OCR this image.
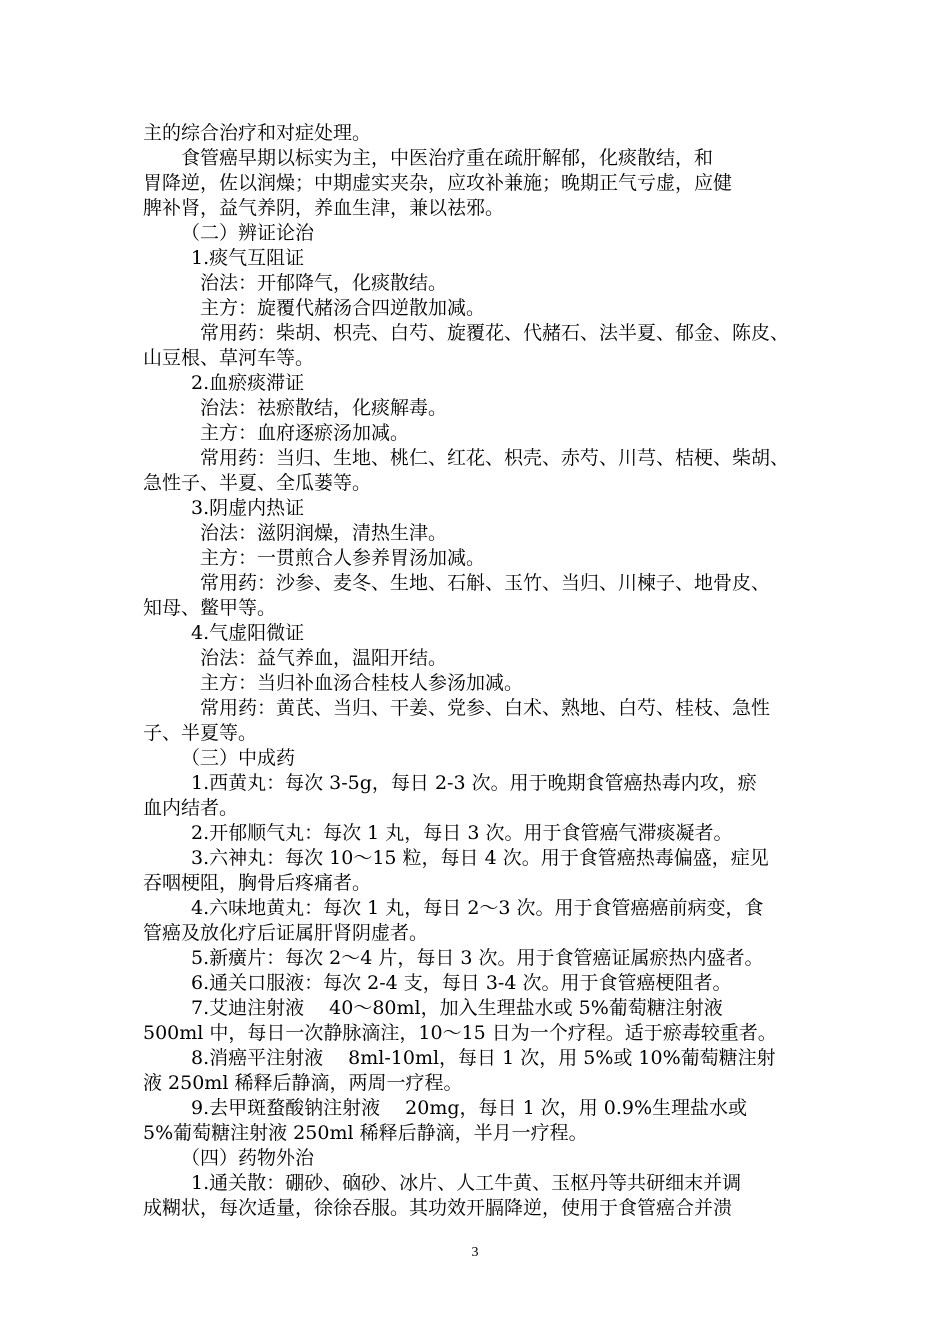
主的综合治疗和对症处理。
食管癌早期以标实为主，中医治疗重在疏肝解郁，化痰散结，和
胃降逆，佐以润燥；中期虚实夹杂，应攻补兼施；晚期正气亏虚，应健
脾补肾，益气养阴，养血生津，兼以祛邪。
（二）辨证论治
1.痰气互阻证
治法：开郁降气，化痰散结。
主方：旋覆代赭汤合四逆散加减。
常用药：柴胡、枳壳、白芍、旋覆花、代赭石、法半夏、郁金、陈皮、
山豆根、草河车等。
2.血瘀痰滞证
治法：祛瘀散结，化痰解毒。
主方：血府逐瘀汤加减。
常用药：当归、生地、桃仁、红花、枳壳、赤芍、川芎、桔梗、柴胡、
急性子、半夏、全瓜蒌等。
3.阴虚内热证
治法：滋阴润燥，清热生津。
主方：一贯煎合人参养胃汤加减。
常用药：沙参、麦冬、生地、石斛、玉竹、当归、川楝子、地骨皮、
知母、鳖甲等。
4.气虚阳微证
治法：益气养血，温阳开结。
主方：当归补血汤合桂枝人参汤加减。
常用药：黄芪、当归、干姜、党参、白术、熟地、白芍、桂枝、急性
子、半夏等。
（三）中成药
1.西黄丸：每次 3-5g，每日 2-3 次。用于晚期食管癌热毒内攻，瘀
血内结者。
2.开郁顺气丸：每次 1 丸，每日 3 次。用于食管癌气滞痰凝者。
3.六神丸：每次 10～15 粒，每日 4 次。用于食管癌热毒偏盛，症见
吞咽梗阻，胸骨后疼痛者。
4.六味地黄丸：每次 1 丸，每日 2～3 次。用于食管癌癌前病变，食
管癌及放化疗后证属肝肾阴虚者。
5.新癀片：每次 2～4 片，每日 3 次。用于食管癌证属瘀热内盛者。
6.通关口服液：每次 2-4 支，每日 3-4 次。用于食管癌梗阻者。
7.艾迪注射液　 40～80ml，加入生理盐水或 5%葡萄糖注射液
500ml 中，每日一次静脉滴注，10～15 日为一个疗程。适于瘀毒较重者。
8.消癌平注射液　 8ml-10ml，每日 1 次，用 5%或 10%葡萄糖注射
液 250ml 稀释后静滴，两周一疗程。
9.去甲斑蝥酸钠注射液　 20mg，每日 1 次，用 0.9%生理盐水或
5%葡萄糖注射液 250ml 稀释后静滴，半月一疗程。
（四）药物外治
1.通关散：硼砂、硇砂、冰片、人工牛黄、玉枢丹等共研细末并调
成糊状，每次适量，徐徐吞服。其功效开膈降逆，使用于食管癌合并溃
3
